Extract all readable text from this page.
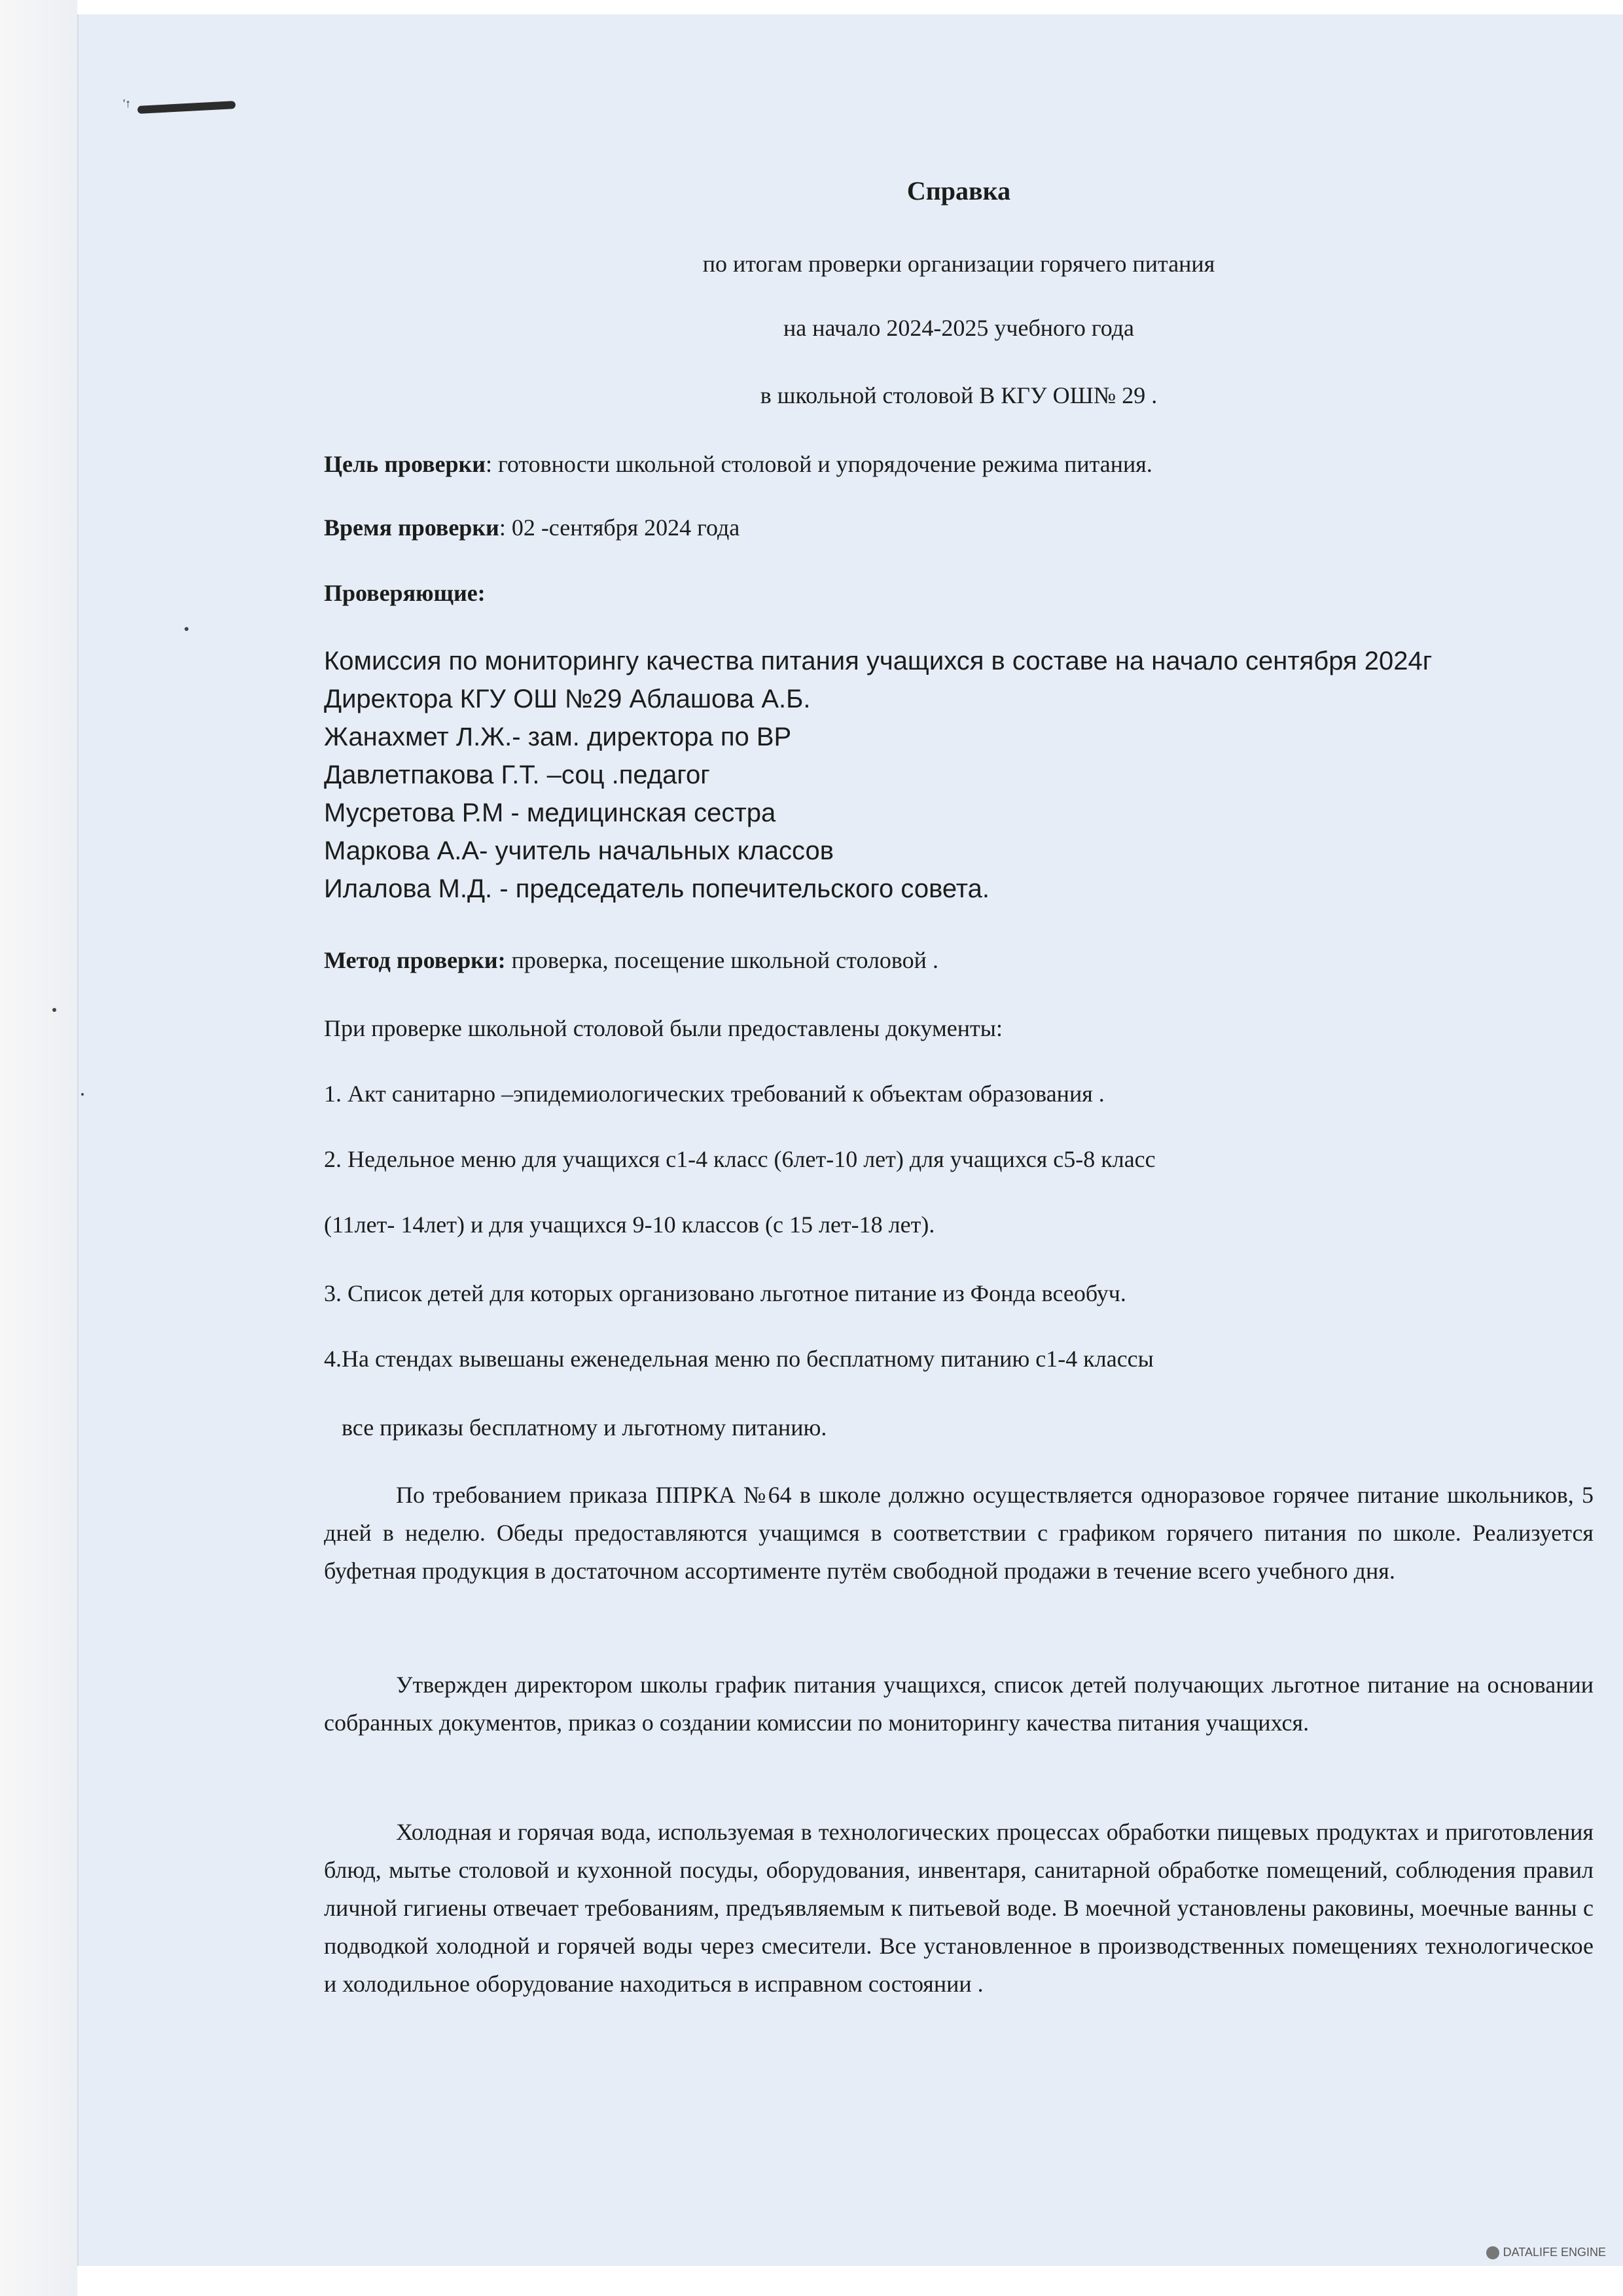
DATALIFE ENGINE
'↑
Справка
по итогам проверки организации горячего питания
на начало 2024-2025 учебного года
в школьной столовой В КГУ ОШ№ 29 .
Цель проверки: готовности школьной столовой и упорядочение режима питания.
Время проверки: 02 -сентября 2024 года
Проверяющие:
Комиссия по мониторингу качества питания учащихся в составе на начало сентября 2024г
Директора КГУ ОШ №29 Аблашова А.Б.
Жанахмет Л.Ж.- зам. директора по ВР
Давлетпакова Г.Т. –соц .педагог
Мусретова Р.М - медицинская сестра
Маркова А.А- учитель начальных классов
Илалова М.Д. - председатель попечительского совета.
Метод проверки: проверка, посещение школьной столовой .
При проверке школьной столовой были предоставлены документы:
1. Акт санитарно –эпидемиологических требований к объектам образования .
2. Недельное меню для учащихся с1-4 класс (6лет-10 лет) для учащихся с5-8 класс
(11лет- 14лет) и для учащихся 9-10 классов (с 15 лет-18 лет).
3. Список детей для которых организовано льготное питание из Фонда всеобуч.
4.На стендах вывешаны еженедельная меню по бесплатному питанию с1-4 классы
все приказы бесплатному и льготному питанию.
По требованием приказа ППРКА №64 в школе должно осуществляется одноразовое горячее питание школьников, 5 дней в неделю. Обеды предоставляются учащимся в соответствии с графиком горячего питания по школе. Реализуется буфетная продукция в достаточном ассортименте путём свободной продажи в течение всего учебного дня.
Утвержден директором школы график питания учащихся, список детей получающих льготное питание на основании собранных документов, приказ о создании комиссии по мониторингу качества питания учащихся.
Холодная и горячая вода, используемая в технологических процессах обработки пищевых продуктах и приготовления блюд, мытье столовой и кухонной посуды, оборудования, инвентаря, санитарной обработке помещений, соблюдения правил личной гигиены отвечает требованиям, предъявляемым к питьевой воде. В моечной установлены раковины, моечные ванны с подводкой холодной и горячей воды через смесители. Все установленное в производственных помещениях технологическое и холодильное оборудование находиться в исправном состоянии .
